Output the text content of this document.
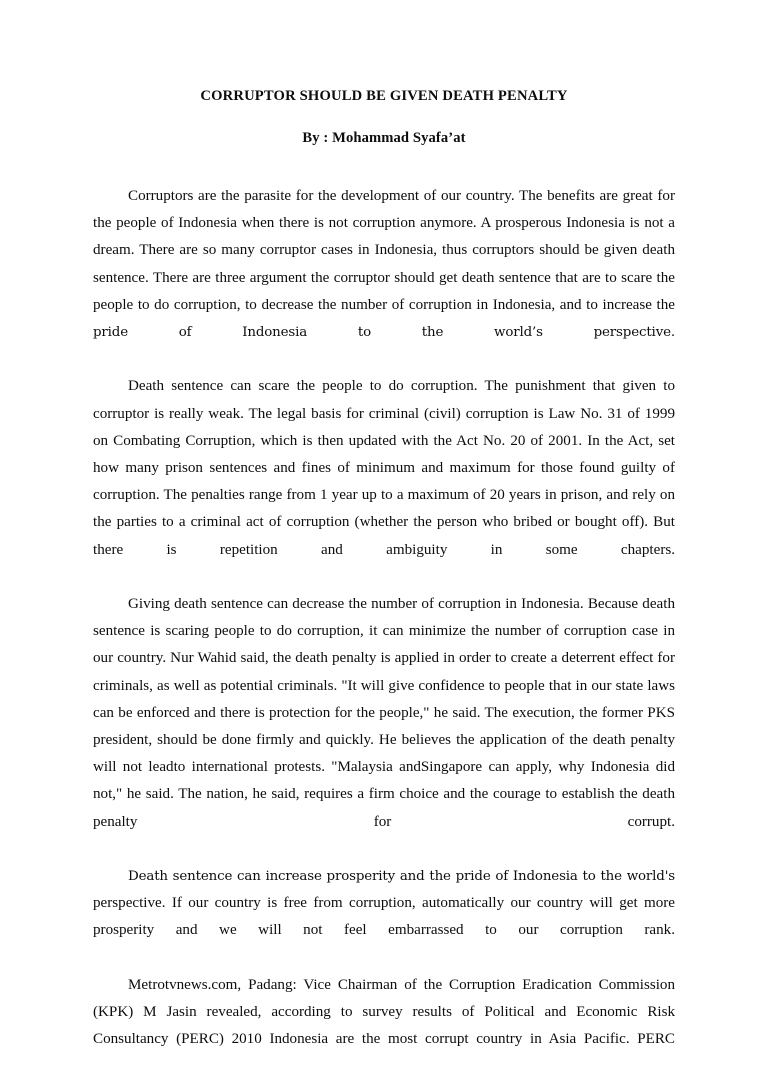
CORRUPTOR SHOULD BE GIVEN DEATH PENALTY

By : Mohammad Syafa’at

Corruptors are the parasite for the development of our country. The benefits are great for the people of Indonesia when there is not corruption anymore. A prosperous Indonesia is not a dream. There are so many corruptor cases in Indonesia, thus corruptors should be given death sentence. There are three argument the corruptor should get death sentence that are to scare the people to do corruption, to decrease the number of corruption in Indonesia, and to increase the pride of Indonesia to the world’s perspective.

Death sentence can scare the people to do corruption. The punishment that given to corruptor is really weak. The legal basis for criminal (civil) corruption is Law No. 31 of 1999 on Combating Corruption, which is then updated with the Act No. 20 of 2001. In the Act, set how many prison sentences and fines of minimum and maximum for those found guilty of corruption. The penalties range from 1 year up to a maximum of 20 years in prison, and rely on the parties to a criminal act of corruption (whether the person who bribed or bought off). But there is repetition and ambiguity in some chapters.

Giving death sentence can decrease the number of corruption in Indonesia. Because death sentence is scaring people to do corruption, it can minimize the number of corruption case in our country. Nur Wahid said, the death penalty is applied in order to create a deterrent effect for criminals, as well as potential criminals. "It will give confidence to people that in our state laws can be enforced and there is protection for the people," he said. The execution, the former PKS president, should be done firmly and quickly. He believes the application of the death penalty will not leadto international protests. "Malaysia andSingapore can apply, why Indonesia did not," he said. The nation, he said, requires a firm choice and the courage to establish the death penalty for corrupt.

Death sentence can increase prosperity and the pride of Indonesia to the world's perspective. If our country is free from corruption, automatically our country will get more prosperity and we will not feel embarrassed to our corruption rank.

Metrotvnews.com, Padang: Vice Chairman of the Corruption Eradication Commission (KPK) M Jasin revealed, according to survey results of Political and Economic Risk Consultancy (PERC) 2010 Indonesia are the most corrupt country in Asia Pacific. PERC
